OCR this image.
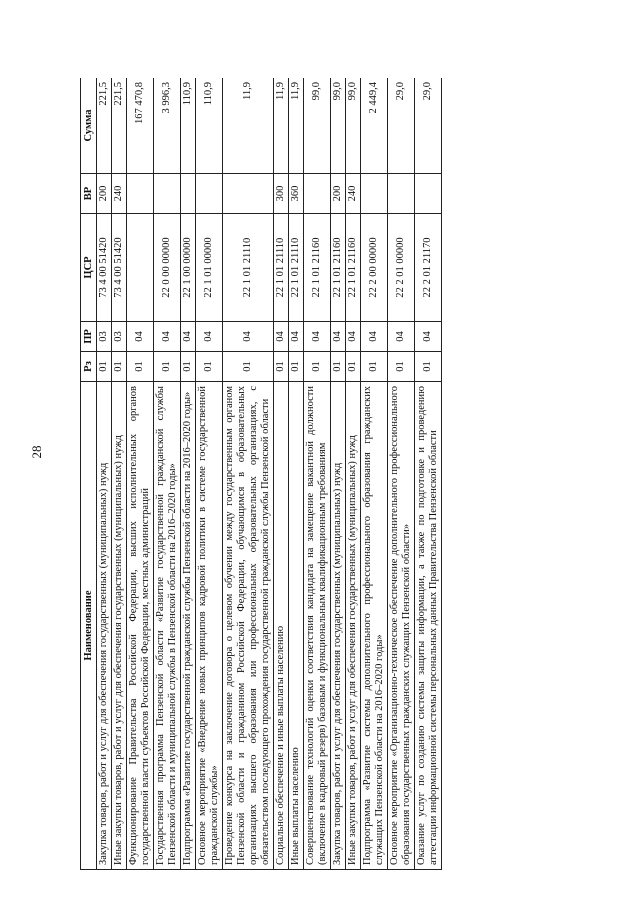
28
Наименование	Рз	ПР	ЦСР	ВР	Сумма
Закупка товаров, работ и услуг для обеспечения государственных (муниципальных) нужд	01	03	73 4 00 51420	200	221,5
Иные закупки товаров, работ и услуг для обеспечения государственных (муниципальных) нужд	01	03	73 4 00 51420	240	221,5
Функционирование Правительства Российской Федерации, высших исполнительных органов государственной власти субъектов Российской Федерации, местных администраций	01	04			167 470,8
Государственная программа Пензенской области «Развитие государственной гражданской службы Пензенской области и муниципальной службы в Пензенской области на 2016–2020 годы»	01	04	22 0 00 00000		3 996,3
Подпрограмма «Развитие государственной гражданской службы Пензенской области на 2016–2020 годы»	01	04	22 1 00 00000		110,9
Основное мероприятие «Внедрение новых принципов кадровой политики в системе государственной гражданской службы»	01	04	22 1 01 00000		110,9
Проведение конкурса на заключение договора о целевом обучении между государственным органом Пензенской области и гражданином Российской Федерации, обучающимся в образовательных организациях высшего образования или профессиональных образовательных организациях, с обязательством последующего прохождения государственной гражданской службы Пензенской области	01	04	22 1 01 21110		11,9
Социальное обеспечение и иные выплаты населению	01	04	22 1 01 21110	300	11,9
Иные выплаты населению	01	04	22 1 01 21110	360	11,9
Совершенствование технологий оценки соответствия кандидата на замещение вакантной должности (включение в кадровый резерв) базовым и функциональным квалификационным требованиям	01	04	22 1 01 21160		99,0
Закупка товаров, работ и услуг для обеспечения государственных (муниципальных) нужд	01	04	22 1 01 21160	200	99,0
Иные закупки товаров, работ и услуг для обеспечения государственных (муниципальных) нужд	01	04	22 1 01 21160	240	99,0
Подпрограмма «Развитие системы дополнительного профессионального образования гражданских служащих Пензенской области на 2016–2020 годы»	01	04	22 2 00 00000		2 449,4
Основное мероприятие «Организационно-техническое обеспечение дополнительного профессионального образования государственных гражданских служащих Пензенской области»	01	04	22 2 01 00000		29,0
Оказание услуг по созданию системы защиты информации, а также по подготовке и проведению аттестации информационной системы персональных данных Правительства Пензенской области	01	04	22 2 01 21170		29,0
